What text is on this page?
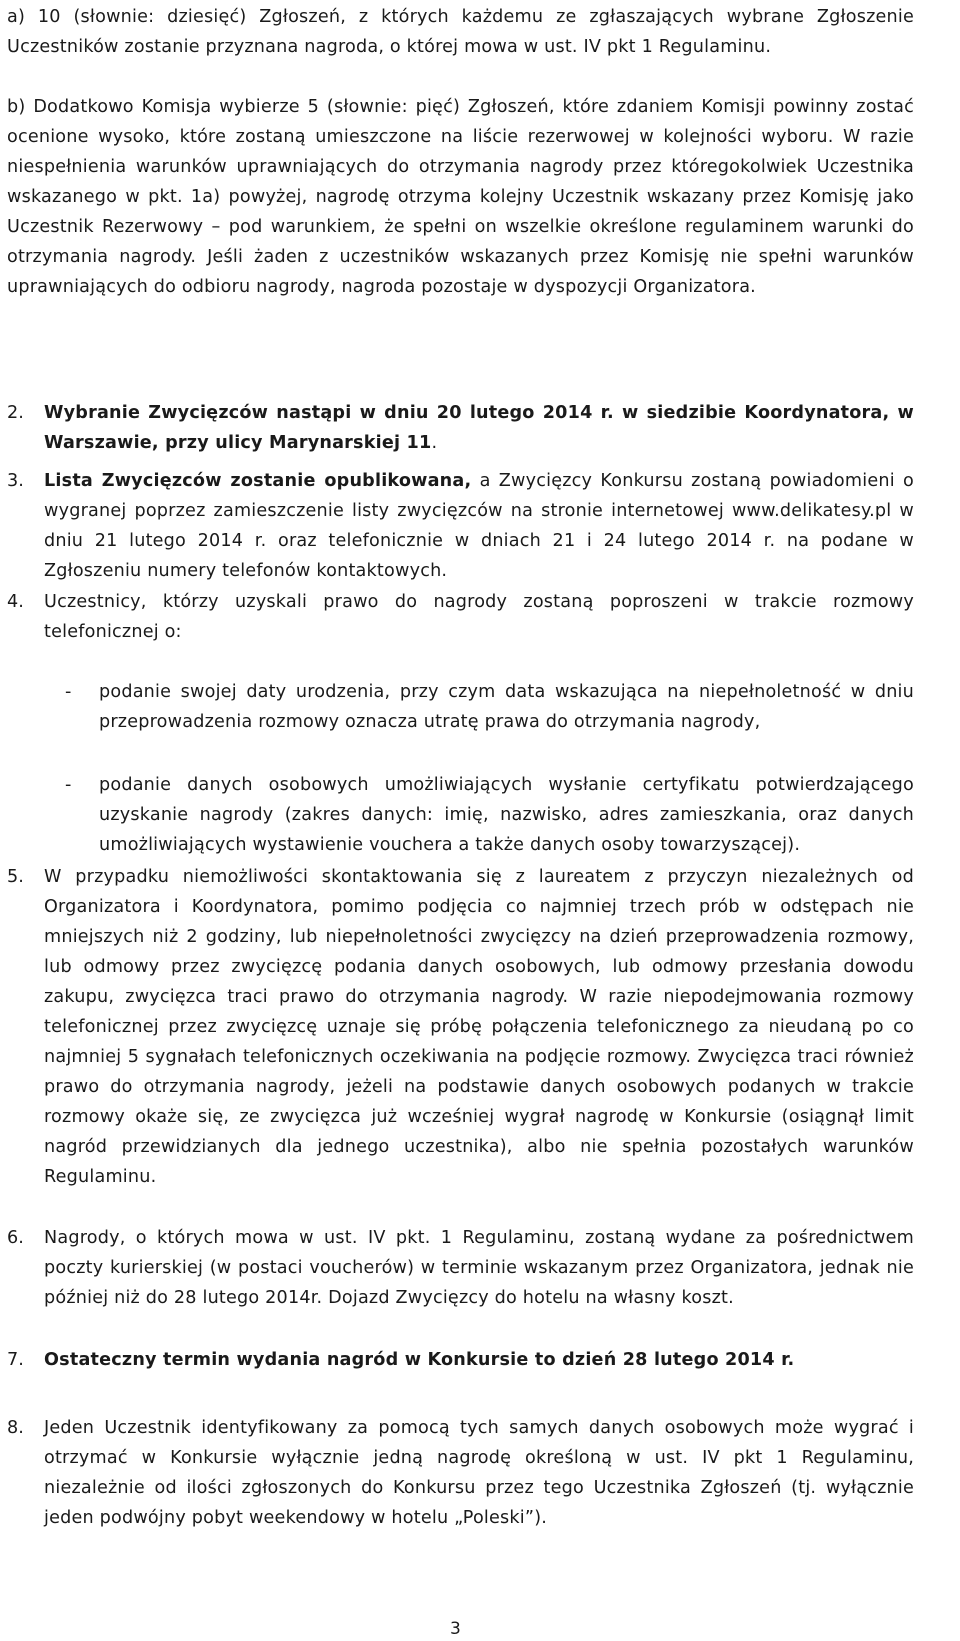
a) 10 (słownie: dziesięć) Zgłoszeń, z których każdemu ze zgłaszających wybrane Zgłoszenie Uczestników zostanie przyznana nagroda, o której mowa w ust. IV pkt 1 Regulaminu.
b) Dodatkowo Komisja wybierze 5 (słownie: pięć) Zgłoszeń, które zdaniem Komisji powinny zostać ocenione wysoko, które zostaną umieszczone na liście rezerwowej w kolejności wyboru. W razie niespełnienia warunków uprawniających do otrzymania nagrody przez któregokolwiek Uczestnika wskazanego w pkt. 1a) powyżej, nagrodę otrzyma kolejny Uczestnik wskazany przez Komisję jako Uczestnik Rezerwowy – pod warunkiem, że spełni on wszelkie określone regulaminem warunki do otrzymania nagrody. Jeśli żaden z uczestników wskazanych przez Komisję nie spełni warunków uprawniających do odbioru nagrody, nagroda pozostaje w dyspozycji Organizatora.
2. Wybranie Zwycięzców nastąpi w dniu 20 lutego 2014 r. w siedzibie Koordynatora, w Warszawie, przy ulicy Marynarskiej 11.
3. Lista Zwycięzców zostanie opublikowana, a Zwycięzcy Konkursu zostaną powiadomieni o wygranej poprzez zamieszczenie listy zwycięzców na stronie internetowej www.delikatesy.pl w dniu 21 lutego 2014 r. oraz telefonicznie w dniach 21 i 24 lutego 2014 r. na podane w Zgłoszeniu numery telefonów kontaktowych.
4. Uczestnicy, którzy uzyskali prawo do nagrody zostaną poproszeni w trakcie rozmowy telefonicznej o:
- podanie swojej daty urodzenia, przy czym data wskazująca na niepełnoletność w dniu przeprowadzenia rozmowy oznacza utratę prawa do otrzymania nagrody,
- podanie danych osobowych umożliwiających wysłanie certyfikatu potwierdzającego uzyskanie nagrody (zakres danych: imię, nazwisko, adres zamieszkania, oraz danych umożliwiających wystawienie vouchera a także danych osoby towarzyszącej).
5. W przypadku niemożliwości skontaktowania się z laureatem z przyczyn niezależnych od Organizatora i Koordynatora, pomimo podjęcia co najmniej trzech prób w odstępach nie mniejszych niż 2 godziny, lub niepełnoletności zwycięzcy na dzień przeprowadzenia rozmowy, lub odmowy przez zwycięzcę podania danych osobowych, lub odmowy przesłania dowodu zakupu, zwycięzca traci prawo do otrzymania nagrody. W razie niepodejmowania rozmowy telefonicznej przez zwycięzcę uznaje się próbę połączenia telefonicznego za nieudaną po co najmniej 5 sygnałach telefonicznych oczekiwania na podjęcie rozmowy. Zwycięzca traci również prawo do otrzymania nagrody, jeżeli na podstawie danych osobowych podanych w trakcie rozmowy okaże się, ze zwycięzca już wcześniej wygrał nagrodę w Konkursie (osiągnął limit nagród przewidzianych dla jednego uczestnika), albo nie spełnia pozostałych warunków Regulaminu.
6. Nagrody, o których mowa w ust. IV pkt. 1 Regulaminu, zostaną wydane za pośrednictwem poczty kurierskiej (w postaci voucherów) w terminie wskazanym przez Organizatora, jednak nie później niż do 28 lutego 2014r. Dojazd Zwycięzcy do hotelu na własny koszt.
7. Ostateczny termin wydania nagród w Konkursie to dzień 28 lutego 2014 r.
8. Jeden Uczestnik identyfikowany za pomocą tych samych danych osobowych może wygrać i otrzymać w Konkursie wyłącznie jedną nagrodę określoną w ust. IV pkt 1 Regulaminu, niezależnie od ilości zgłoszonych do Konkursu przez tego Uczestnika Zgłoszeń (tj. wyłącznie jeden podwójny pobyt weekendowy w hotelu „Poleski”).
3
